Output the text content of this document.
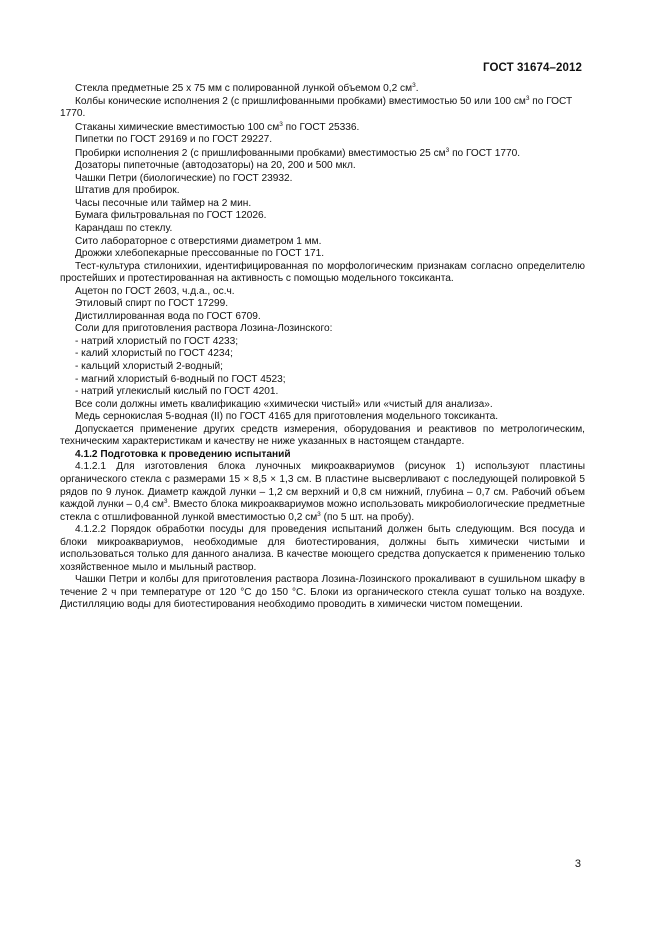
ГОСТ 31674–2012

Стекла предметные 25 х 75 мм с полированной лункой объемом 0,2 $см^3$.

Колбы конические исполнения 2 (с пришлифованными пробками) вместимостью 50 или 100 $см^3$ по ГОСТ 1770.

Стаканы химические вместимостью 100 $см^3$ по ГОСТ 25336.

Пипетки по ГОСТ 29169 и по ГОСТ 29227.

Пробирки исполнения 2 (с пришлифованными пробками) вместимостью 25 $см^3$ по ГОСТ 1770.

Дозаторы пипеточные (автодозаторы) на 20, 200 и 500 мкл.

Чашки Петри (биологические) по ГОСТ 23932.

Штатив для пробирок.

Часы песочные или таймер на 2 мин.

Бумага фильтровальная по ГОСТ 12026.

Карандаш по стеклу.

Сито лабораторное с отверстиями диаметром 1 мм.

Дрожжи хлебопекарные прессованные по ГОСТ 171.

Тест-культура стилонихии, идентифицированная по морфологическим признакам согласно определителю простейших и протестированная на активность с помощью модельного токсиканта.

Ацетон по ГОСТ 2603, ч.д.а., ос.ч.

Этиловый спирт по ГОСТ 17299.

Дистиллированная вода по ГОСТ 6709.

Соли для приготовления раствора Лозина-Лозинского:

- натрий хлористый по ГОСТ 4233;

- калий хлористый по ГОСТ 4234;

- кальций хлористый 2-водный;

- магний хлористый 6-водный по ГОСТ 4523;

- натрий углекислый кислый по ГОСТ 4201.

Все соли должны иметь квалификацию «химически чистый» или «чистый для анализа».

Медь сернокислая 5-водная (II) по ГОСТ 4165 для приготовления модельного токсиканта.

Допускается применение других средств измерения, оборудования и реактивов по метрологическим, техническим характеристикам и качеству не ниже указанных в настоящем стандарте.

4.1.2 Подготовка к проведению испытаний

4.1.2.1 Для изготовления блока луночных микроаквариумов (рисунок 1) используют пластины органического стекла с размерами 15 × 8,5 × 1,3 см. В пластине высверливают с последующей полировкой 5 рядов по 9 лунок. Диаметр каждой лунки – 1,2 см верхний и 0,8 см нижний, глубина – 0,7 см. Рабочий объем каждой лунки – 0,4 $см^3$. Вместо блока микроаквариумов можно использовать микробиологические предметные стекла с отшлифованной лункой вместимостью 0,2 $см^3$ (по 5 шт. на пробу).

4.1.2.2 Порядок обработки посуды для проведения испытаний должен быть следующим. Вся посуда и блоки микроаквариумов, необходимые для биотестирования, должны быть химически чистыми и использоваться только для данного анализа. В качестве моющего средства допускается к применению только хозяйственное мыло и мыльный раствор.

Чашки Петри и колбы для приготовления раствора Лозина-Лозинского прокаливают в сушильном шкафу в течение 2 ч при температуре от 120 °С до 150 °С. Блоки из органического стекла сушат только на воздухе. Дистилляцию воды для биотестирования необходимо проводить в химически чистом помещении.

3
